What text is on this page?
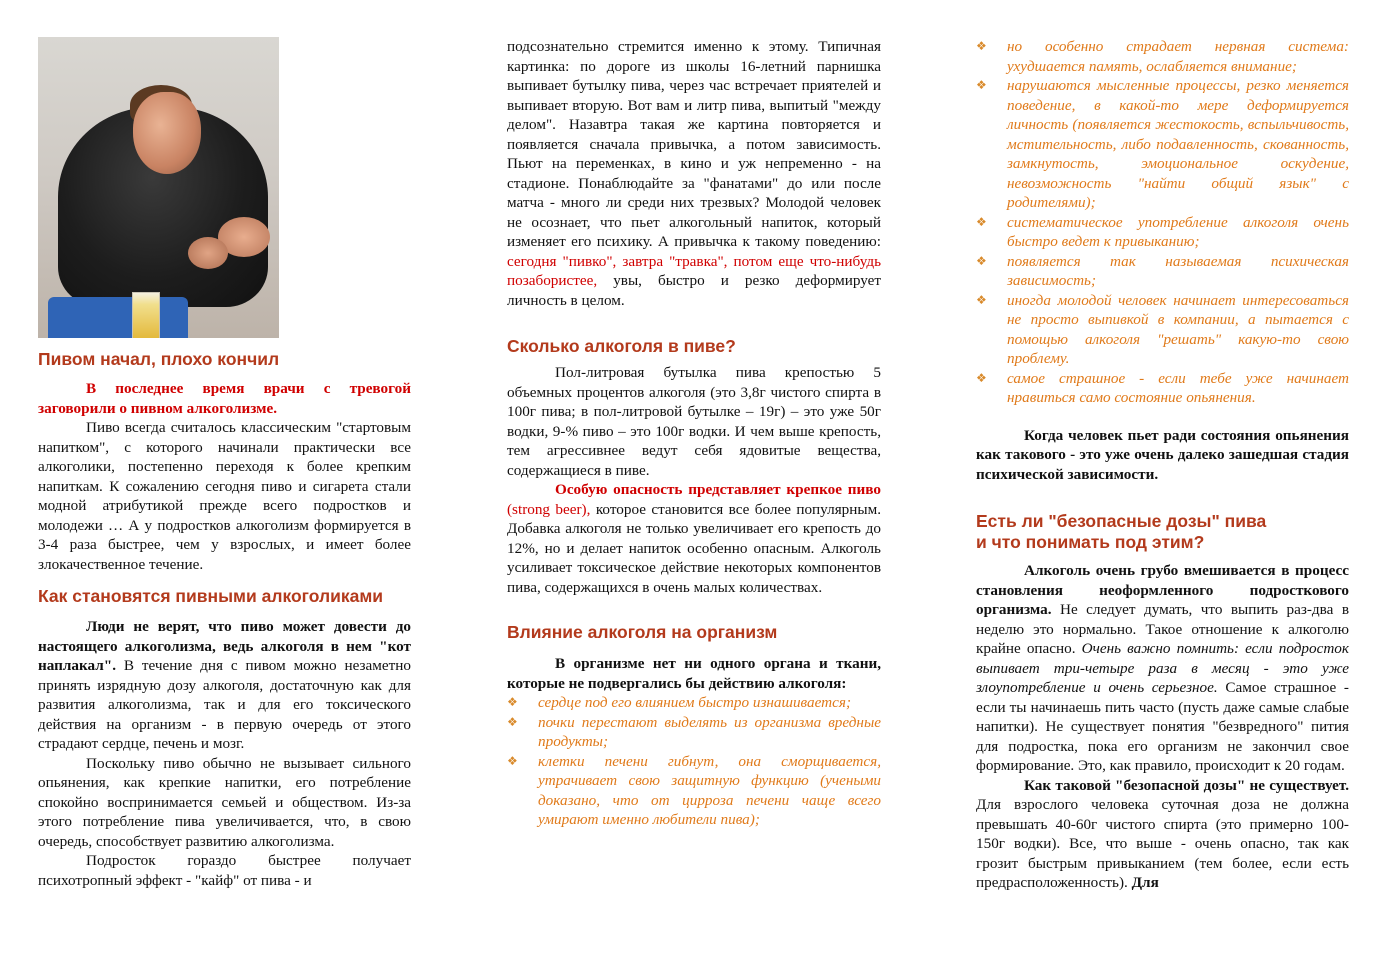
Пивом начал, плохо кончил

В последнее время врачи с тревогой заговорили о пивном алкоголизме.

Пиво всегда считалось классическим "стартовым напитком", с которого начинали практически все алкоголики, постепенно переходя к более крепким напиткам. К сожалению сегодня пиво и сигарета стали модной атрибутикой прежде всего подростков и молодежи … А у подростков алкоголизм формируется в 3-4 раза быстрее, чем у взрослых, и имеет более злокачественное течение.

Как становятся пивными алкоголиками

Люди не верят, что пиво может довести до настоящего алкоголизма, ведь алкоголя в нем "кот наплакал". В течение дня с пивом можно незаметно принять изрядную дозу алкоголя, достаточную как для развития алкоголизма, так и для его токсического действия на организм - в первую очередь от этого страдают сердце, печень и мозг.

Поскольку пиво обычно не вызывает сильного опьянения, как крепкие напитки, его потребление спокойно воспринимается семьей и обществом. Из-за этого потребление пива увеличивается, что, в свою очередь, способствует развитию алкоголизма.

Подросток гораздо быстрее получает психотропный эффект - "кайф" от пива - и

подсознательно стремится именно к этому. Типичная картинка: по дороге из школы 16-летний парнишка выпивает бутылку пива, через час встречает приятелей и выпивает вторую. Вот вам и литр пива, выпитый "между делом". Назавтра такая же картина повторяется и появляется сначала привычка, а потом зависимость. Пьют на переменках, в кино и уж непременно - на стадионе. Понаблюдайте за "фанатами" до или после матча - много ли среди них трезвых? Молодой человек не осознает, что пьет алкогольный напиток, который изменяет его психику. А привычка к такому поведению: сегодня "пивко", завтра "травка", потом еще что-нибудь позабористее, увы, быстро и резко деформирует личность в целом.

Сколько алкоголя в пиве?

Пол-литровая бутылка пива крепостью 5 объемных процентов алкоголя (это 3,8г чистого спирта в 100г пива; в пол-литровой бутылке – 19г) – это уже 50г водки, 9-% пиво – это 100г водки. И чем выше крепость, тем агрессивнее ведут себя ядовитые вещества, содержащиеся в пиве.

Особую опасность представляет крепкое пиво (strong beer), которое становится все более популярным. Добавка алкоголя не только увеличивает его крепость до 12%, но и делает напиток особенно опасным. Алкоголь усиливает токсическое действие некоторых компонентов пива, содержащихся в очень малых количествах.

Влияние алкоголя на организм

В организме нет ни одного органа и ткани, которые не подвергались бы действию алкоголя:

❖ сердце под его влиянием быстро изнашивается;
❖ почки перестают выделять из организма вредные продукты;
❖ клетки печени гибнут, она сморщивается, утрачивает свою защитную функцию (учеными доказано, что от цирроза печени чаще всего умирают именно любители пива);
❖ но особенно страдает нервная система: ухудшается память, ослабляется внимание;
❖ нарушаются мысленные процессы, резко меняется поведение, в какой-то мере деформируется личность (появляется жестокость, вспыльчивость, мстительность, либо подавленность, скованность, замкнутость, эмоциональное оскудение, невозможность "найти общий язык" с родителями);
❖ систематическое употребление алкоголя очень быстро ведет к привыканию;
❖ появляется так называемая психическая зависимость;
❖ иногда молодой человек начинает интересоваться не просто выпивкой в компании, а пытается с помощью алкоголя "решать" какую-то свою проблему.
❖ самое страшное - если тебе уже начинает нравиться само состояние опьянения.

Когда человек пьет ради состояния опьянения как такового - это уже очень далеко зашедшая стадия психической зависимости.

Есть ли "безопасные дозы" пива
и что понимать под этим?

Алкоголь очень грубо вмешивается в процесс становления неоформленного подросткового организма. Не следует думать, что выпить раз-два в неделю это нормально. Такое отношение к алкоголю крайне опасно. Очень важно помнить: если подросток выпивает три-четыре раза в месяц - это уже злоупотребление и очень серьезное. Самое страшное - если ты начинаешь пить часто (пусть даже самые слабые напитки). Не существует понятия "безвредного" пития для подростка, пока его организм не закончил свое формирование. Это, как правило, происходит к 20 годам.

Как таковой "безопасной дозы" не существует. Для взрослого человека суточная доза не должна превышать 40-60г чистого спирта (это примерно 100-150г водки). Все, что выше - очень опасно, так как грозит быстрым привыканием (тем более, если есть предрасположенность). Для
